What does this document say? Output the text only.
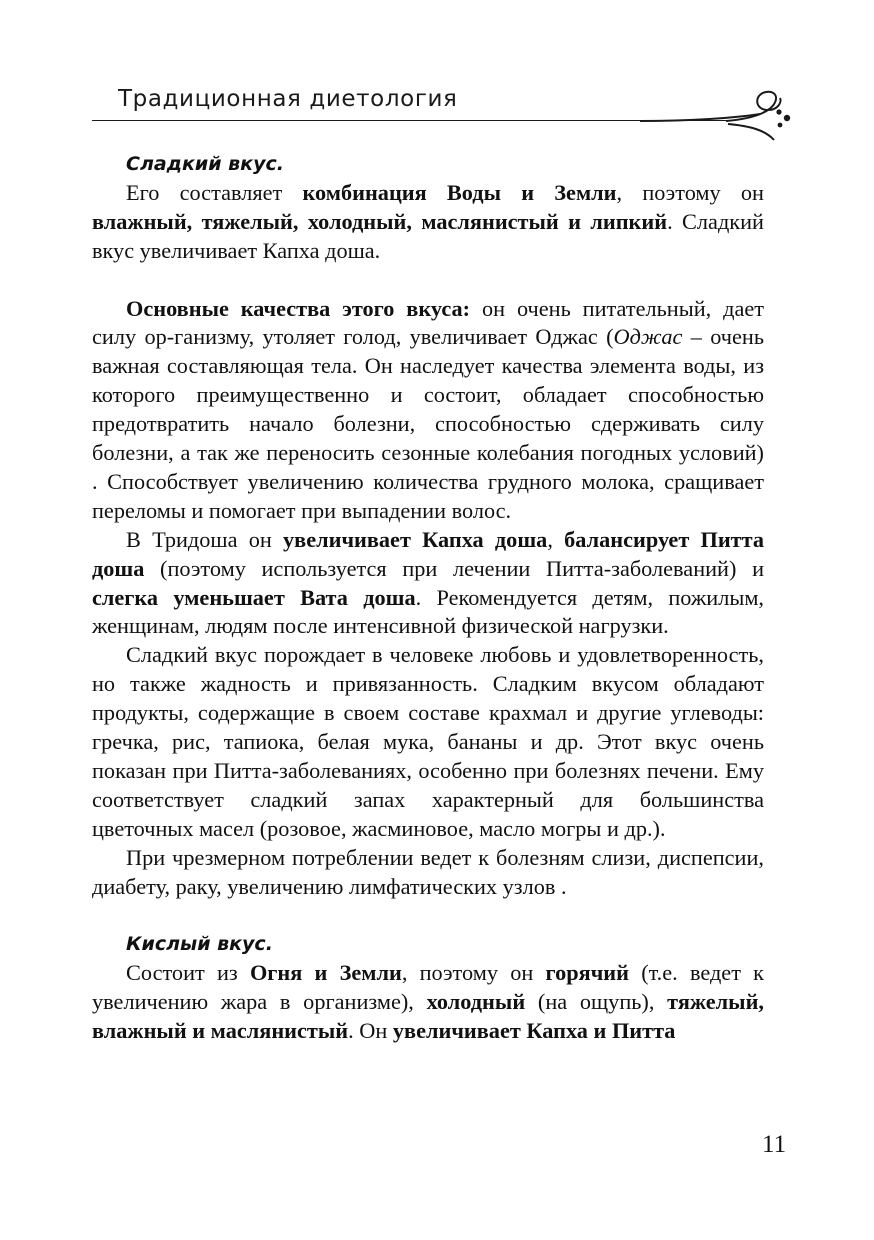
Традиционная диетология
Сладкий вкус.

Его составляет комбинация Воды и Земли, поэтому он влажный, тяжелый, холодный, маслянистый и липкий. Сладкий вкус увеличивает Капха доша.

Основные качества этого вкуса: он очень питательный, дает силу ор-ганизму, утоляет голод, увеличивает Оджас (Оджас – очень важная составляющая тела. Он наследует качества элемента воды, из которого преимущественно и состоит, обладает способностью предотвратить начало болезни, способностью сдерживать силу болезни, а так же переносить сезонные колебания погодных условий) . Способствует увеличению количества грудного молока, сращивает переломы и помогает при выпадении волос.

В Тридоша он увеличивает Капха доша, балансирует Питта доша (поэтому используется при лечении Питта-заболеваний) и слегка уменьшает Вата доша. Рекомендуется детям, пожилым, женщинам, людям после интенсивной физической нагрузки.

Сладкий вкус порождает в человеке любовь и удовлетворенность, но также жадность и привязанность. Сладким вкусом обладают продукты, содержащие в своем составе крахмал и другие углеводы: гречка, рис, тапиока, белая мука, бананы и др. Этот вкус очень показан при Питта-заболеваниях, особенно при болезнях печени. Ему соответствует сладкий запах характерный для большинства цветочных масел (розовое, жасминовое, масло могры и др.).

При чрезмерном потреблении ведет к болезням слизи, диспепсии, диабету, раку, увеличению лимфатических узлов .

Кислый вкус.

Состоит из Огня и Земли, поэтому он горячий (т.е. ведет к увеличению жара в организме), холодный (на ощупь), тяжелый, влажный и маслянистый. Он увеличивает Капха и Питта

11
